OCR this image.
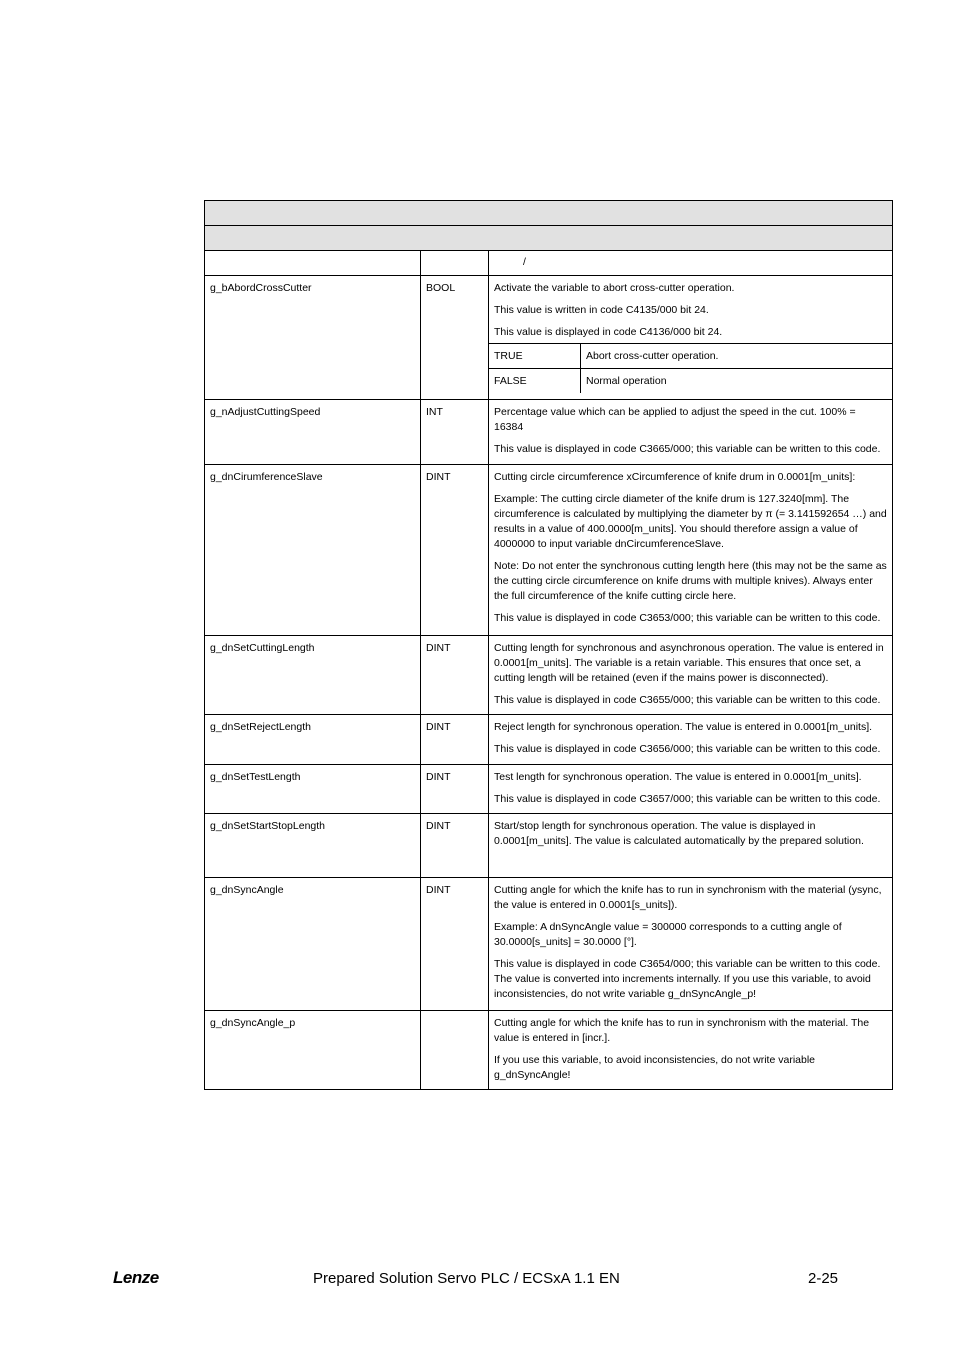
/

g_bAbordCrossCutter	BOOL	Activate the variable to abort cross-cutter operation.
This value is written in code C4135/000 bit 24.
This value is displayed in code C4136/000 bit 24.
TRUE	Abort cross-cutter operation.
FALSE	Normal operation

g_nAdjustCuttingSpeed	INT	Percentage value which can be applied to adjust the speed in the cut. 100% = 16384
This value is displayed in code C3665/000; this variable can be written to this code.

g_dnCirumferenceSlave	DINT	Cutting circle circumference xCircumference of knife drum in 0.0001[m_units]:
Example: The cutting circle diameter of the knife drum is 127.3240[mm]. The circumference is calculated by multiplying the diameter by π (= 3.141592654 …) and results in a value of 400.0000[m_units]. You should therefore assign a value of 4000000 to input variable dnCircumferenceSlave.
Note: Do not enter the synchronous cutting length here (this may not be the same as the cutting circle circumference on knife drums with multiple knives). Always enter the full circumference of the knife cutting circle here.
This value is displayed in code C3653/000; this variable can be written to this code.

g_dnSetCuttingLength	DINT	Cutting length for synchronous and asynchronous operation. The value is entered in 0.0001[m_units]. The variable is a retain variable. This ensures that once set, a cutting length will be retained (even if the mains power is disconnected).
This value is displayed in code C3655/000; this variable can be written to this code.

g_dnSetRejectLength	DINT	Reject length for synchronous operation. The value is entered in 0.0001[m_units].
This value is displayed in code C3656/000; this variable can be written to this code.

g_dnSetTestLength	DINT	Test length for synchronous operation. The value is entered in 0.0001[m_units].
This value is displayed in code C3657/000; this variable can be written to this code.

g_dnSetStartStopLength	DINT	Start/stop length for synchronous operation. The value is displayed in 0.0001[m_units]. The value is calculated automatically by the prepared solution.

g_dnSyncAngle	DINT	Cutting angle for which the knife has to run in synchronism with the material (ysync, the value is entered in 0.0001[s_units]).
Example: A dnSyncAngle value = 300000 corresponds to a cutting angle of 30.0000[s_units] = 30.0000 [°].
This value is displayed in code C3654/000; this variable can be written to this code. The value is converted into increments internally. If you use this variable, to avoid inconsistencies, do not write variable g_dnSyncAngle_p!

g_dnSyncAngle_p		Cutting angle for which the knife has to run in synchronism with the material. The value is entered in [incr.].
If you use this variable, to avoid inconsistencies, do not write variable g_dnSyncAngle!
Lenze	Prepared Solution Servo PLC / ECSxA 1.1 EN	2-25
